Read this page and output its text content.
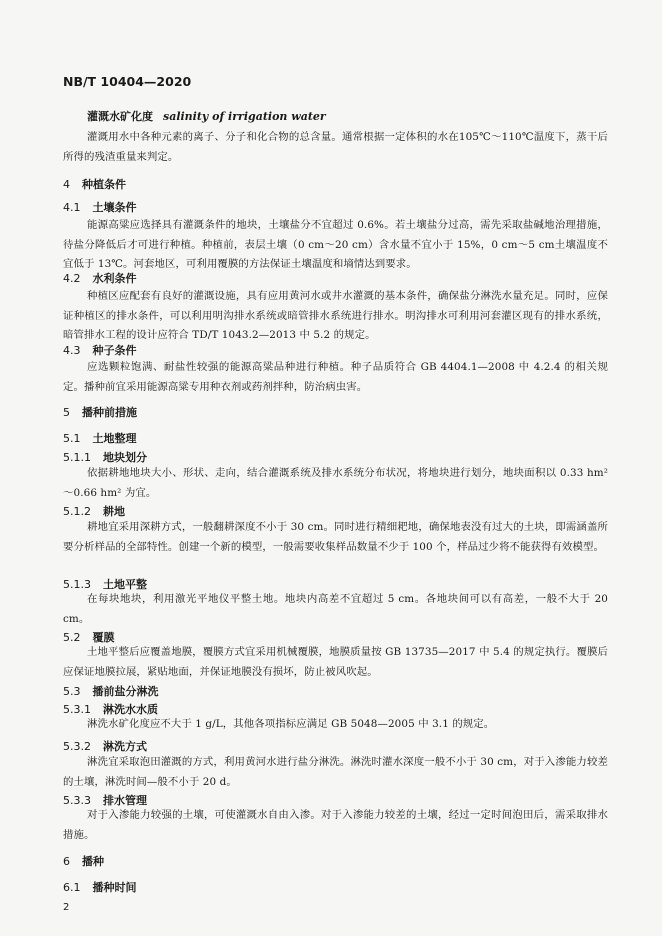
NB/T 10404—2020
灌溉水矿化度 salinity of irrigation water
灌溉用水中各种元素的离子、分子和化合物的总含量。通常根据一定体积的水在105℃～110℃温度下，蒸干后所得的残渣重量来判定。
4 种植条件
4.1 土壤条件
能源高粱应选择具有灌溉条件的地块，土壤盐分不宜超过 0.6%。若土壤盐分过高，需先采取盐碱地治理措施，待盐分降低后才可进行种植。种植前，表层土壤（0 cm～20 cm）含水量不宜小于 15%，0 cm～5 cm土壤温度不宜低于 13℃。河套地区，可利用覆膜的方法保证土壤温度和墒情达到要求。
4.2 水利条件
种植区应配套有良好的灌溉设施，具有应用黄河水或井水灌溉的基本条件，确保盐分淋洗水量充足。同时，应保证种植区的排水条件，可以利用明沟排水系统或暗管排水系统进行排水。明沟排水可利用河套灌区现有的排水系统，暗管排水工程的设计应符合 TD/T 1043.2—2013 中 5.2 的规定。
4.3 种子条件
应选颗粒饱满、耐盐性较强的能源高粱品种进行种植。种子品质符合 GB 4404.1—2008 中 4.2.4 的相关规定。播种前宜采用能源高粱专用种衣剂或药剂拌种，防治病虫害。
5 播种前措施
5.1 土地整理
5.1.1 地块划分
依据耕地地块大小、形状、走向，结合灌溉系统及排水系统分布状况，将地块进行划分，地块面积以 0.33 hm²～0.66 hm² 为宜。
5.1.2 耕地
耕地宜采用深耕方式，一般翻耕深度不小于 30 cm。同时进行精细耙地，确保地表没有过大的土块，即需涵盖所要分析样品的全部特性。创建一个新的模型，一般需要收集样品数量不少于 100 个，样品过少将不能获得有效模型。
5.1.3 土地平整
在每块地块，利用激光平地仪平整土地。地块内高差不宜超过 5 cm。各地块间可以有高差，一般不大于 20 cm。
5.2 覆膜
土地平整后应覆盖地膜，覆膜方式宜采用机械覆膜，地膜质量按 GB 13735—2017 中 5.4 的规定执行。覆膜后应保证地膜拉展，紧贴地面，并保证地膜没有损坏，防止被风吹起。
5.3 播前盐分淋洗
5.3.1 淋洗水水质
淋洗水矿化度应不大于 1 g/L，其他各项指标应满足 GB 5048—2005 中 3.1 的规定。
5.3.2 淋洗方式
淋洗宜采取泡田灌溉的方式，利用黄河水进行盐分淋洗。淋洗时灌水深度一般不小于 30 cm，对于入渗能力较差的土壤，淋洗时间—般不小于 20 d。
5.3.3 排水管理
对于入渗能力较强的土壤，可使灌溉水自由入渗。对于入渗能力较差的土壤，经过一定时间泡田后，需采取排水措施。
6 播种
6.1 播种时间
2
